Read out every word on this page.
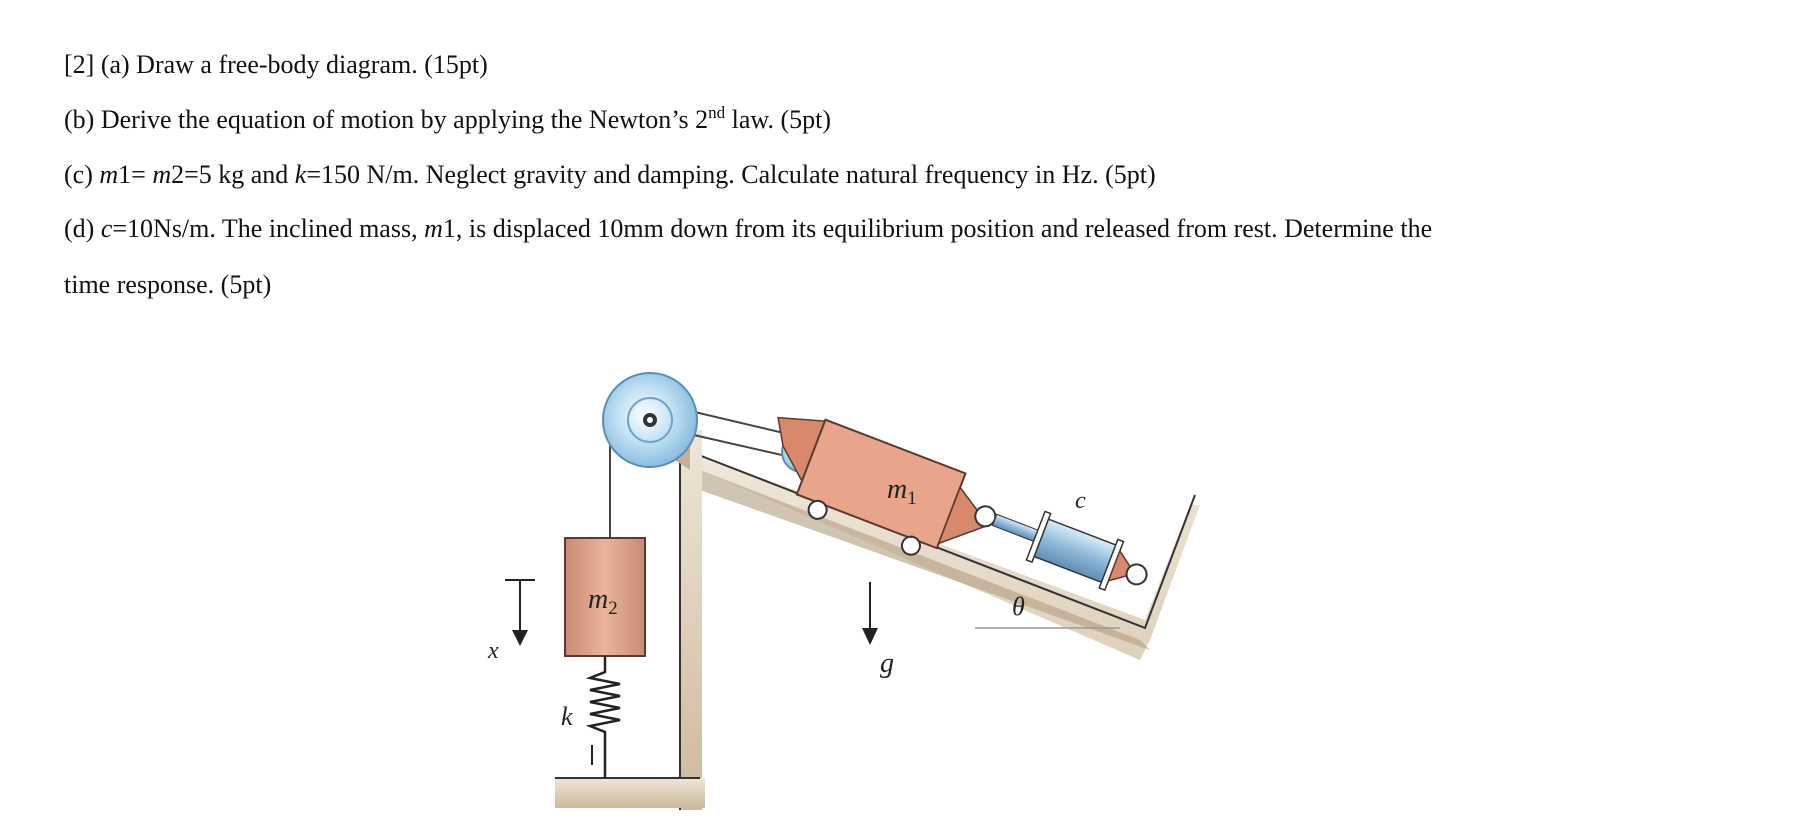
[2] (a) Draw a free-body diagram. (15pt)
(b) Derive the equation of motion by applying the Newton’s 2nd law. (5pt)
(c) m1= m2=5 kg and k=150 N/m. Neglect gravity and damping. Calculate natural frequency in Hz. (5pt)
(d) c=10Ns/m. The inclined mass, m1, is displaced 10mm down from its equilibrium position and released from rest. Determine the
time response. (5pt)
$m_1$
$m_2$
c
θ
g
x
k
